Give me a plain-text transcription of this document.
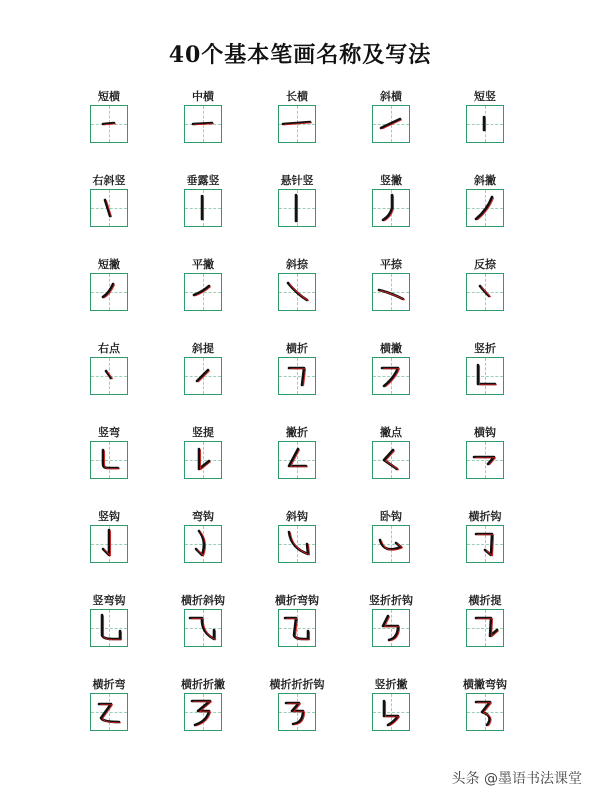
40个基本笔画名称及写法
短横	中横	长横	斜横	短竖
右斜竖	垂露竖	悬针竖	竖撇	斜撇
短撇	平撇	斜捺	平捺	反捺
右点	斜提	横折	横撇	竖折
竖弯	竖提	撇折	撇点	横钩
竖钩	弯钩	斜钩	卧钩	横折钩
竖弯钩	横折斜钩	横折弯钩	竖折折钩	横折提
横折弯	横折折撇	横折折折钩	竖折撇	横撇弯钩
头条 @墨语书法课堂
